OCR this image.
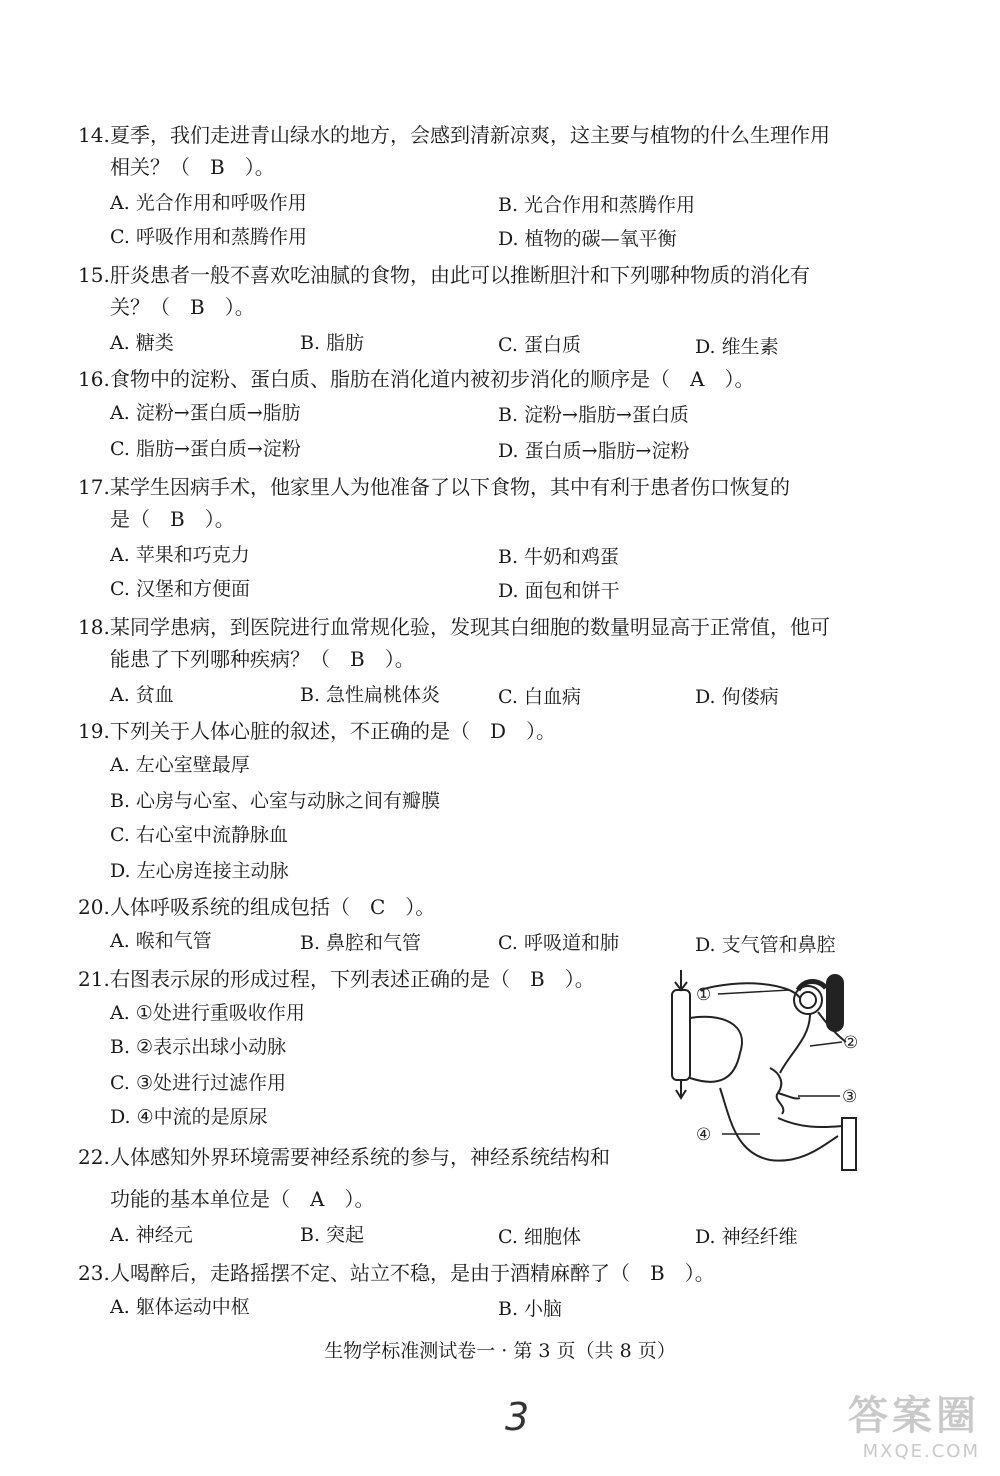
14. 夏季，我们走进青山绿水的地方，会感到清新凉爽，这主要与植物的什么生理作用
相关？（　B　）。
A. 光合作用和呼吸作用	B. 光合作用和蒸腾作用
C. 呼吸作用和蒸腾作用	D. 植物的碳—氧平衡
15. 肝炎患者一般不喜欢吃油腻的食物，由此可以推断胆汁和下列哪种物质的消化有
关？（　B　）。
A. 糖类	B. 脂肪	C. 蛋白质	D. 维生素
16. 食物中的淀粉、蛋白质、脂肪在消化道内被初步消化的顺序是（　A　）。
A. 淀粉→蛋白质→脂肪	B. 淀粉→脂肪→蛋白质
C. 脂肪→蛋白质→淀粉	D. 蛋白质→脂肪→淀粉
17. 某学生因病手术，他家里人为他准备了以下食物，其中有利于患者伤口恢复的
是（　B　）。
A. 苹果和巧克力	B. 牛奶和鸡蛋
C. 汉堡和方便面	D. 面包和饼干
18. 某同学患病，到医院进行血常规化验，发现其白细胞的数量明显高于正常值，他可
能患了下列哪种疾病？（　B　）。
A. 贫血	B. 急性扁桃体炎	C. 白血病	D. 佝偻病
19. 下列关于人体心脏的叙述，不正确的是（　D　）。
A. 左心室壁最厚
B. 心房与心室、心室与动脉之间有瓣膜
C. 右心室中流静脉血
D. 左心房连接主动脉
20. 人体呼吸系统的组成包括（　C　）。
A. 喉和气管	B. 鼻腔和气管	C. 呼吸道和肺	D. 支气管和鼻腔
21. 右图表示尿的形成过程，下列表述正确的是（　B　）。
A. ①处进行重吸收作用
B. ②表示出球小动脉
C. ③处进行过滤作用
D. ④中流的是原尿
①
②
③
④
22. 人体感知外界环境需要神经系统的参与，神经系统结构和
功能的基本单位是（　A　）。
A. 神经元	B. 突起	C. 细胞体	D. 神经纤维
23. 人喝醉后，走路摇摆不定、站立不稳，是由于酒精麻醉了（　B　）。
A. 躯体运动中枢	B. 小脑
生物学标准测试卷一 · 第 3 页（共 8 页）
3	答案圈
MXQE.COM
